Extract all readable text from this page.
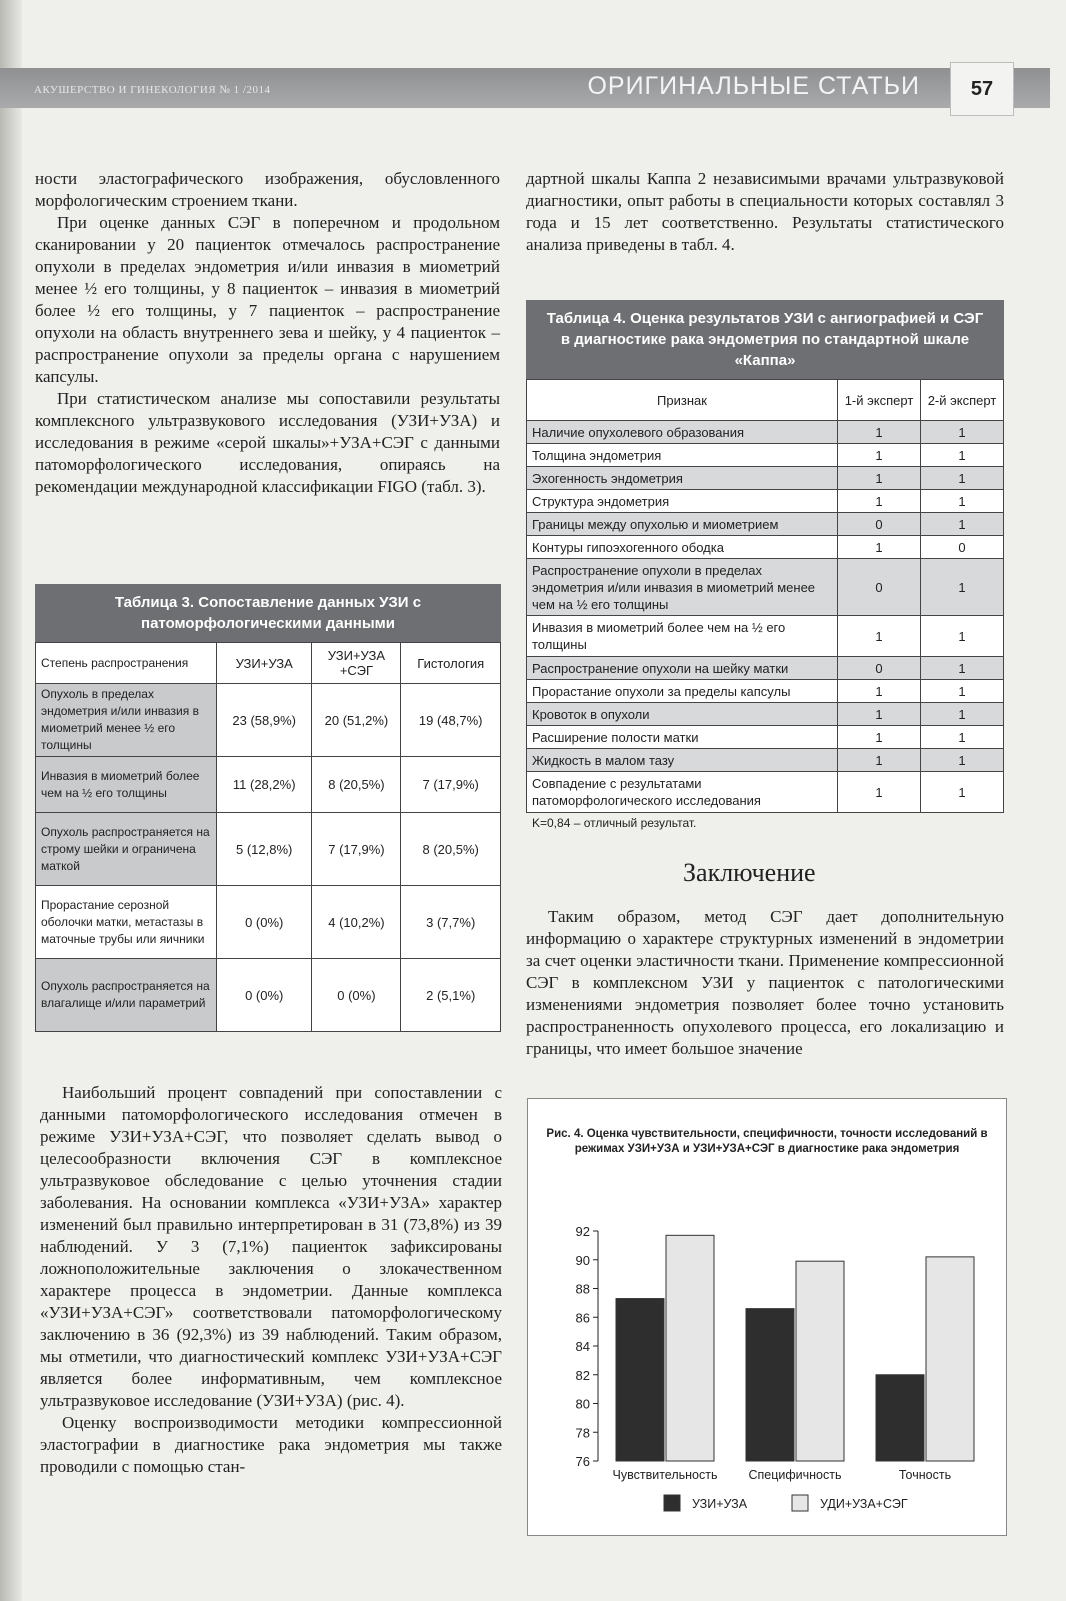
АКУШЕРСТВО И ГИНЕКОЛОГИЯ № 1 /2014	ОРИГИНАЛЬНЫЕ СТАТЬИ	57

ности эластографического изображения, обусловленного морфологическим строением ткани.

При оценке данных СЭГ в поперечном и продольном сканировании у 20 пациенток отмечалось распространение опухоли в пределах эндометрия и/или инвазия в миометрий менее ½ его толщины, у 8 пациенток – инвазия в миометрий более ½ его толщины, у 7 пациенток – распространение опухоли на область внутреннего зева и шейку, у 4 пациенток – распространение опухоли за пределы органа с нарушением капсулы.

При статистическом анализе мы сопоставили результаты комплексного ультразвукового исследования (УЗИ+УЗА) и исследования в режиме «серой шкалы»+УЗА+СЭГ с данными патоморфологического исследования, опираясь на рекомендации международной классификации FIGO (табл. 3).

Таблица 3. Сопоставление данных УЗИ с патоморфологическими данными
Степень распространения	УЗИ+УЗА	УЗИ+УЗА +СЭГ	Гистология
Опухоль в пределах эндометрия и/или инвазия в миометрий менее ½ его толщины	23 (58,9%)	20 (51,2%)	19 (48,7%)
Инвазия в миометрий более чем на ½ его толщины	11 (28,2%)	8 (20,5%)	7 (17,9%)
Опухоль распространяется на строму шейки и ограничена маткой	5 (12,8%)	7 (17,9%)	8 (20,5%)
Прорастание серозной оболочки матки, метастазы в маточные трубы или яичники	0 (0%)	4 (10,2%)	3 (7,7%)
Опухоль распространяется на влагалище и/или параметрий	0 (0%)	0 (0%)	2 (5,1%)

Наибольший процент совпадений при сопоставлении с данными патоморфологического исследования отмечен в режиме УЗИ+УЗА+СЭГ, что позволяет сделать вывод о целесообразности включения СЭГ в комплексное ультразвуковое обследование с целью уточнения стадии заболевания. На основании комплекса «УЗИ+УЗА» характер изменений был правильно интерпретирован в 31 (73,8%) из 39 наблюдений. У 3 (7,1%) пациенток зафиксированы ложноположительные заключения о злокачественном характере процесса в эндометрии. Данные комплекса «УЗИ+УЗА+СЭГ» соответствовали патоморфологическому заключению в 36 (92,3%) из 39 наблюдений. Таким образом, мы отметили, что диагностический комплекс УЗИ+УЗА+СЭГ является более информативным, чем комплексное ультразвуковое исследование (УЗИ+УЗА) (рис. 4).

Оценку воспроизводимости методики компрессионной эластографии в диагностике рака эндометрия мы также проводили с помощью стан-

дартной шкалы Каппа 2 независимыми врачами ультразвуковой диагностики, опыт работы в специальности которых составлял 3 года и 15 лет соответственно. Результаты статистического анализа приведены в табл. 4.

Таблица 4. Оценка результатов УЗИ с ангиографией и СЭГ в диагностике рака эндометрия по стандартной шкале «Каппа»
Признак	1-й эксперт	2-й эксперт
Наличие опухолевого образования	1	1
Толщина эндометрия	1	1
Эхогенность эндометрия	1	1
Структура эндометрия	1	1
Границы между опухолью и миометрием	0	1
Контуры гипоэхогенного ободка	1	0
Распространение опухоли в пределах эндометрия и/или инвазия в миометрий менее чем на ½ его толщины	0	1
Инвазия в миометрий более чем на ½ его толщины	1	1
Распространение опухоли на шейку матки	0	1
Прорастание опухоли за пределы капсулы	1	1
Кровоток в опухоли	1	1
Расширение полости матки	1	1
Жидкость в малом тазу	1	1
Совпадение с результатами патоморфологического исследования	1	1
K=0,84 – отличный результат.
Заключение

Таким образом, метод СЭГ дает дополнительную информацию о характере структурных изменений в эндометрии за счет оценки эластичности ткани. Применение компрессионной СЭГ в комплексном УЗИ у пациенток с патологическими изменениями эндометрия позволяет более точно установить распространенность опухолевого процесса, его локализацию и границы, что имеет большое значение

Рис. 4. Оценка чувствительности, специфичности, точности исследований в режимах УЗИ+УЗА и УЗИ+УЗА+СЭГ в диагностике рака эндометрия
92
90
88
86
84
82
80
78
76
Чувствительность Специфичность	Точность
УЗИ+УЗА	УДИ+УЗА+СЭГ
